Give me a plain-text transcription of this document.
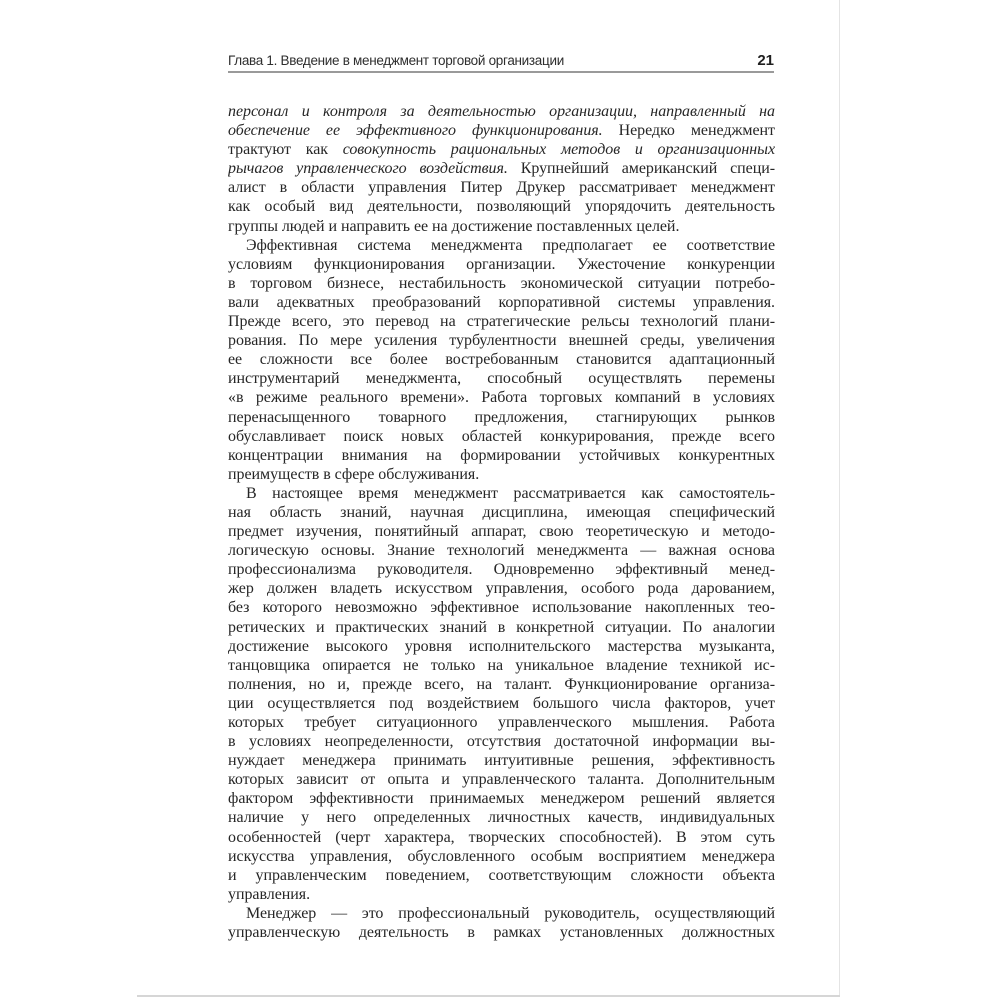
Глава 1. Введение в менеджмент торговой организации	21
персонал и контроля за деятельностью организации, направленный на
обеспечение ее эффективного функционирования. Нередко менеджмент
трактуют как совокупность рациональных методов и организационных
рычагов управленческого воздействия. Крупнейший американский специ-
алист в области управления Питер Друкер рассматривает менеджмент
как особый вид деятельности, позволяющий упорядочить деятельность
группы людей и направить ее на достижение поставленных целей.
Эффективная система менеджмента предполагает ее соответствие
условиям функционирования организации. Ужесточение конкуренции
в торговом бизнесе, нестабильность экономической ситуации потребо-
вали адекватных преобразований корпоративной системы управления.
Прежде всего, это перевод на стратегические рельсы технологий плани-
рования. По мере усиления турбулентности внешней среды, увеличения
ее сложности все более востребованным становится адаптационный
инструментарий менеджмента, способный осуществлять перемены
«в режиме реального времени». Работа торговых компаний в условиях
перенасыщенного товарного предложения, стагнирующих рынков
обуславливает поиск новых областей конкурирования, прежде всего
концентрации внимания на формировании устойчивых конкурентных
преимуществ в сфере обслуживания.
В настоящее время менеджмент рассматривается как самостоятель-
ная область знаний, научная дисциплина, имеющая специфический
предмет изучения, понятийный аппарат, свою теоретическую и методо-
логическую основы. Знание технологий менеджмента — важная основа
профессионализма руководителя. Одновременно эффективный менед-
жер должен владеть искусством управления, особого рода дарованием,
без которого невозможно эффективное использование накопленных тео-
ретических и практических знаний в конкретной ситуации. По аналогии
достижение высокого уровня исполнительского мастерства музыканта,
танцовщика опирается не только на уникальное владение техникой ис-
полнения, но и, прежде всего, на талант. Функционирование организа-
ции осуществляется под воздействием большого числа факторов, учет
которых требует ситуационного управленческого мышления. Работа
в условиях неопределенности, отсутствия достаточной информации вы-
нуждает менеджера принимать интуитивные решения, эффективность
которых зависит от опыта и управленческого таланта. Дополнительным
фактором эффективности принимаемых менеджером решений является
наличие у него определенных личностных качеств, индивидуальных
особенностей (черт характера, творческих способностей). В этом суть
искусства управления, обусловленного особым восприятием менеджера
и управленческим поведением, соответствующим сложности объекта
управления.
Менеджер — это профессиональный руководитель, осуществляющий
управленческую деятельность в рамках установленных должностных
